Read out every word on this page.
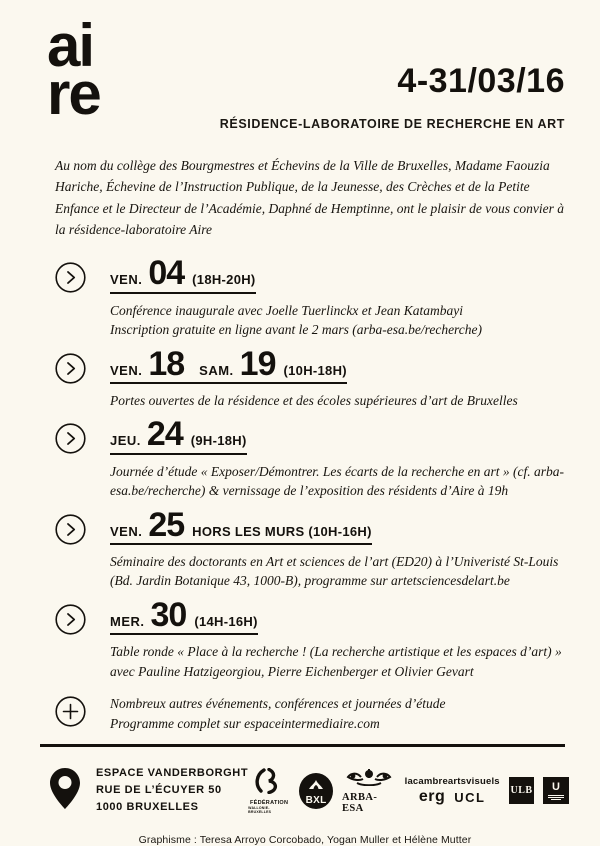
ai
re	4-31/03/16
RÉSIDENCE-LABORATOIRE DE RECHERCHE EN ART

Au nom du collège des Bourgmestres et Échevins de la Ville de Bruxelles, Madame Faouzia Hariche, Échevine de l’Instruction Publique, de la Jeunesse, des Crèches et de la Petite Enfance et le Directeur de l’Académie, Daphné de Hemptinne, ont le plaisir de vous convier à la résidence-laboratoire Aire

VEN. 04 (18H-20H)
Conférence inaugurale avec Joelle Tuerlinckx et Jean Katambayi
Inscription gratuite en ligne avant le 2 mars (arba-esa.be/recherche)
VEN. 18 SAM. 19 (10H-18H)
Portes ouvertes de la résidence et des écoles supérieures d’art de Bruxelles
JEU. 24 (9H-18H)
Journée d’étude « Exposer/Démontrer. Les écarts de la recherche en art » (cf. arba-esa.be/recherche) & vernissage de l’exposition des résidents d’Aire à 19h
VEN. 25 HORS LES MURS (10H-16H)
Séminaire des doctorants en Art et sciences de l’art (ED20) à l’Univeristé St-Louis (Bd. Jardin Botanique 43, 1000-B), programme sur artetsciencesdelart.be
MER. 30 (14H-16H)
Table ronde « Place à la recherche ! (La recherche artistique et les espaces d’art) » avec Pauline Hatzigeorgiou, Pierre Eichenberger et Olivier Gevart
Nombreux autres événements, conférences et journées d’étude
Programme complet sur espaceintermediaire.com
ESPACE VANDERBORGHT
RUE DE L’ÉCUYER 50
1000 BRUXELLES	FÉDÉRATION
WALLONIE-BRUXELLES
BXL ARBA-ESA
lacambreartsvisuels
erg UCL ULB U
Graphisme : Teresa Arroyo Corcobado, Yogan Muller et Hélène Mutter
